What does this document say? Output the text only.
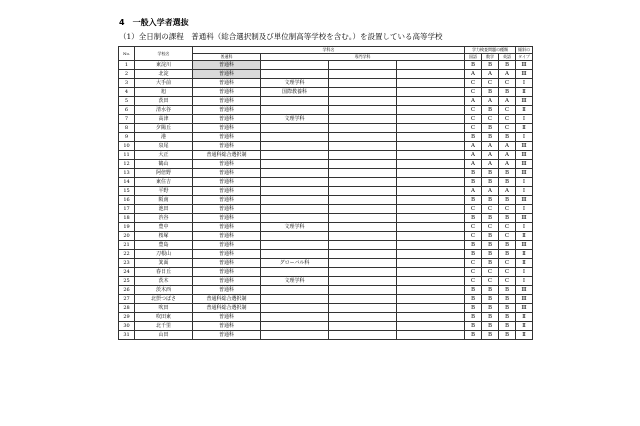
4　一般入学者選抜
（1）全日制の課程　普通科（総合選択制及び単位制高等学校を含む。）を設置している高等学校
No.	学校名	学科名				学力検査問題の種類			傾斜の
		普通科	専門学科			国語	数学	英語	タイプ
1	東淀川	普通科				B	B	B	Ⅲ
2	北淀	普通科				A	A	A	Ⅲ
3	大手前	普通科	文理学科			C	C	C	Ⅰ
4	旭	普通科	国際教養科			C	B	B	Ⅱ
5	茨田	普通科				A	A	A	Ⅲ
6	清水谷	普通科				C	B	C	Ⅱ
7	高津	普通科	文理学科			C	C	C	Ⅰ
8	夕陽丘	普通科				C	B	C	Ⅱ
9	港	普通科				B	B	B	Ⅰ
10	泉尾	普通科				A	A	A	Ⅲ
11	大正	普通科総合選択制				A	A	A	Ⅲ
12	鶴山	普通科				A	A	A	Ⅲ
13	阿倍野	普通科				B	B	B	Ⅲ
14	東住吉	普通科				B	B	B	Ⅰ
15	平野	普通科				A	A	A	Ⅰ
16	阪南	普通科				B	B	B	Ⅲ
17	池田	普通科				C	C	C	Ⅰ
18	渋谷	普通科				B	B	B	Ⅲ
19	豊中	普通科	文理学科			C	C	C	Ⅰ
20	桜塚	普通科				C	B	C	Ⅱ
21	豊島	普通科				B	B	B	Ⅲ
22	刀根山	普通科				B	B	B	Ⅱ
23	箕面	普通科	グローバル科			C	B	C	Ⅱ
24	春日丘	普通科				C	C	C	Ⅰ
25	茨木	普通科	文理学科			C	C	C	Ⅰ
26	茨木西	普通科				B	B	B	Ⅲ
27	北摂つばさ	普通科総合選択制				B	B	B	Ⅲ
28	吹田	普通科総合選択制				B	B	B	Ⅲ
29	吹田東	普通科				B	B	B	Ⅱ
30	北千里	普通科				B	B	B	Ⅱ
31	山田	普通科				B	B	B	Ⅱ
